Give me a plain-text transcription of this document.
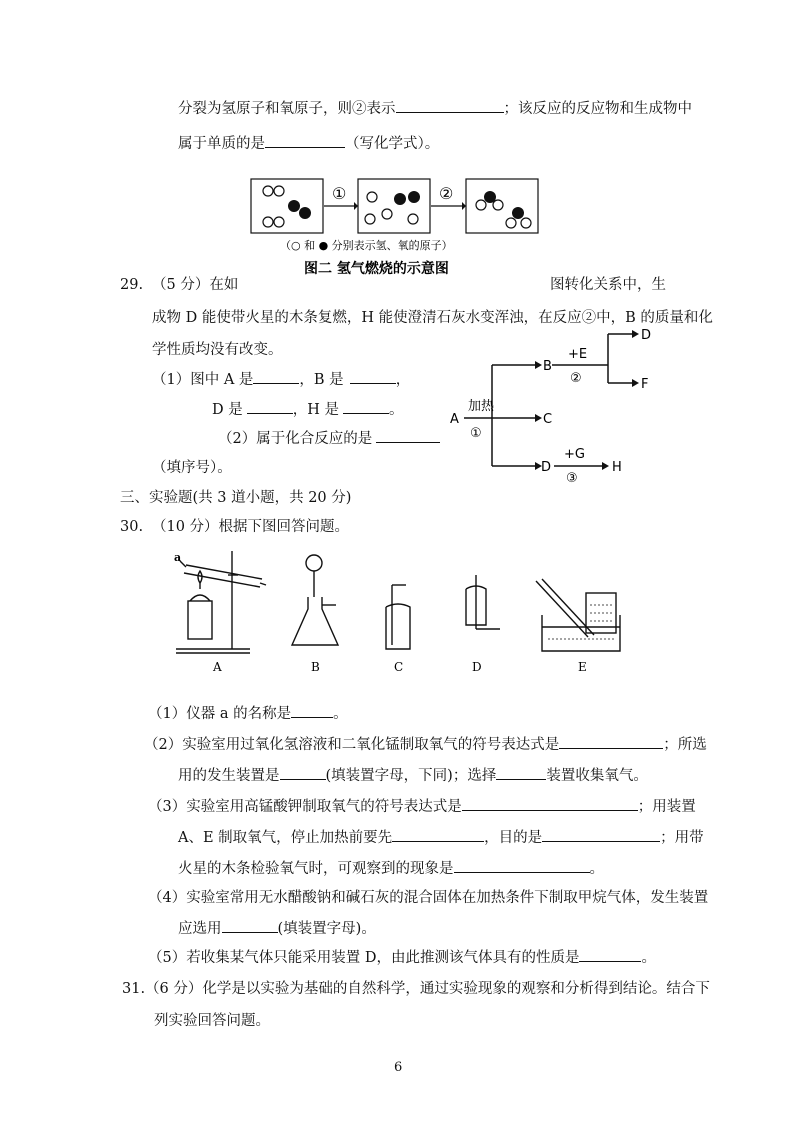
分裂为氢原子和氧原子，则②表示	；该反应的反应物和生成物中
属于单质的是	（写化学式）。
①	②
（○ 和 ● 分别表示氢、氧的原子）
图二 氢气燃烧的示意图
29. （5 分）在如	图转化关系中，生
成物 D 能使带火星的木条复燃，H 能使澄清石灰水变浑浊，在反应②中，B 的质量和化
学性质均没有改变。
（1）图中 A 是	，B 是	，
D 是	，H 是	。
（2）属于化合反应的是
（填序号）。
A
B
C
D
D
F
H
加热
①
+E
②
+G
③
三、实验题(共 3 道小题，共 20 分)
30. （10 分）根据下图回答问题。
a
A	B	C	D	E
（1）仪器 a 的名称是	。
（2）实验室用过氧化氢溶液和二氧化锰制取氧气的符号表达式是	；所选
用的发生装置是	(填装置字母，下同)；选择	装置收集氧气。
（3）实验室用高锰酸钾制取氧气的符号表达式是	；用装置
A、E 制取氧气，停止加热前要先	，目的是	；用带
火星的木条检验氧气时，可观察到的现象是	。
（4）实验室常用无水醋酸钠和碱石灰的混合固体在加热条件下制取甲烷气体，发生装置
应选用	(填装置字母)。
（5）若收集某气体只能采用装置 D，由此推测该气体具有的性质是	。
31.（6 分）化学是以实验为基础的自然科学，通过实验现象的观察和分析得到结论。结合下
列实验回答问题。
6
